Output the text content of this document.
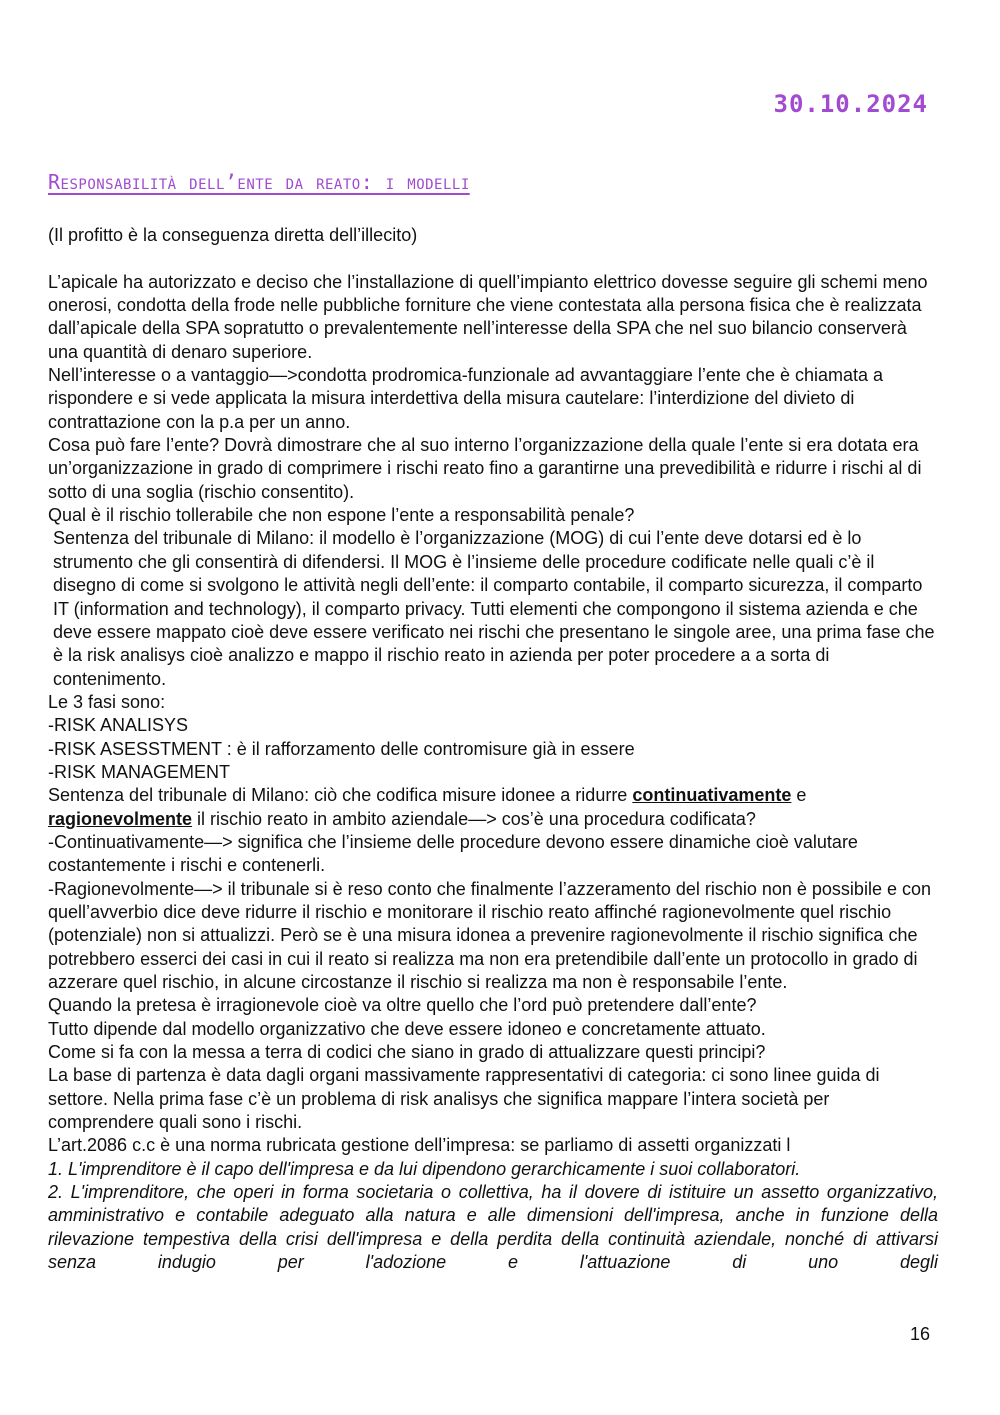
30.10.2024
Responsabilità dell’ente da reato: i modelli

(Il profitto è la conseguenza diretta dell’illecito)

L’apicale ha autorizzato e deciso che l’installazione di quell’impianto elettrico dovesse seguire gli schemi meno onerosi, condotta della frode nelle pubbliche forniture che viene contestata alla persona fisica che è realizzata dall’apicale della SPA sopratutto o prevalentemente nell’interesse della SPA che nel suo bilancio conserverà una quantità di denaro superiore.

Nell’interesse o a vantaggio—>condotta prodromica-funzionale ad avvantaggiare l’ente che è chiamata a rispondere e si vede applicata la misura interdettiva della misura cautelare: l’interdizione del divieto di contrattazione con la p.a per un anno.

Cosa può fare l’ente? Dovrà dimostrare che al suo interno l’organizzazione della quale l’ente si era dotata era un’organizzazione in grado di comprimere i rischi reato fino a garantirne una prevedibilità e ridurre i rischi al di sotto di una soglia (rischio consentito).

Qual è il rischio tollerabile che non espone l’ente a responsabilità penale?

Sentenza del tribunale di Milano: il modello è l’organizzazione (MOG) di cui l’ente deve dotarsi ed è lo strumento che gli consentirà di difendersi. Il MOG è l’insieme delle procedure codificate nelle quali c’è il disegno di come si svolgono le attività negli dell’ente: il comparto contabile, il comparto sicurezza, il comparto IT (information and technology), il comparto privacy. Tutti elementi che compongono il sistema azienda e che deve essere mappato cioè deve essere verificato nei rischi che presentano le singole aree, una prima fase che è la risk analisys cioè analizzo e mappo il rischio reato in azienda per poter procedere a a sorta di contenimento.

Le 3 fasi sono:

-RISK ANALISYS

-RISK ASESSTMENT : è il rafforzamento delle contromisure già in essere

-RISK MANAGEMENT

Sentenza del tribunale di Milano: ciò che codifica misure idonee a ridurre continuativamente e ragionevolmente il rischio reato in ambito aziendale—> cos’è una procedura codificata?

-Continuativamente—> significa che l’insieme delle procedure devono essere dinamiche cioè valutare costantemente i rischi e contenerli.

-Ragionevolmente—> il tribunale si è reso conto che finalmente l’azzeramento del rischio non è possibile e con quell’avverbio dice deve ridurre il rischio e monitorare il rischio reato affinché ragionevolmente quel rischio (potenziale) non si attualizzi. Però se è una misura idonea a prevenire ragionevolmente il rischio significa che potrebbero esserci dei casi in cui il reato si realizza ma non era pretendibile dall’ente un protocollo in grado di azzerare quel rischio, in alcune circostanze il rischio si realizza ma non è responsabile l’ente.

Quando la pretesa è irragionevole cioè va oltre quello che l’ord può pretendere dall’ente?

Tutto dipende dal modello organizzativo che deve essere idoneo e concretamente attuato.

Come si fa con la messa a terra di codici che siano in grado di attualizzare questi principi?

La base di partenza è data dagli organi massivamente rappresentativi di categoria: ci sono linee guida di settore. Nella prima fase c’è un problema di risk analisys che significa mappare l’intera società per comprendere quali sono i rischi.

L’art.2086 c.c è una norma rubricata gestione dell’impresa: se parliamo di assetti organizzati l

1. L'imprenditore è il capo dell'impresa e da lui dipendono gerarchicamente i suoi collaboratori.

2. L'imprenditore, che operi in forma societaria o collettiva, ha il dovere di istituire un assetto organizzativo, amministrativo e contabile adeguato alla natura e alle dimensioni dell'impresa, anche in funzione della rilevazione tempestiva della crisi dell'impresa e della perdita della continuità aziendale, nonché di attivarsi senza indugio per l'adozione e l'attuazione di uno degli

16
